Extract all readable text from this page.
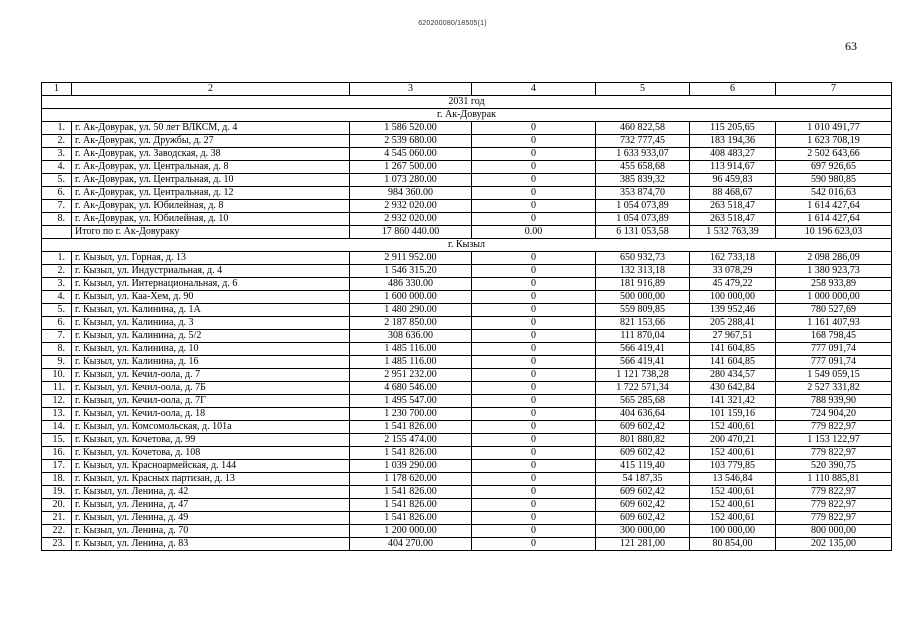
620200080/18505(1)
63
1	2	3	4	5	6	7
2031 год						
г. Ак-Довурак						
1.	г. Ак-Довурак, ул. 50 лет ВЛКСМ, д. 4	1 586 520.00	0	460 822,58	115 205,65	1 010 491,77
2.	г. Ак-Довурак, ул. Дружбы, д. 27	2 539 680.00	0	732 777,45	183 194,36	1 623 708,19
3.	г. Ак-Довурак, ул. Заводская, д. 38	4 545 060.00	0	1 633 933,07	408 483,27	2 502 643,66
4.	г. Ак-Довурак, ул. Центральная, д. 8	1 267 500.00	0	455 658,68	113 914,67	697 926,65
5.	г. Ак-Довурак, ул. Центральная, д. 10	1 073 280.00	0	385 839,32	96 459,83	590 980,85
6.	г. Ак-Довурак, ул. Центральная, д. 12	984 360.00	0	353 874,70	88 468,67	542 016,63
7.	г. Ак-Довурак, ул. Юбилейная, д. 8	2 932 020.00	0	1 054 073,89	263 518,47	1 614 427,64
8.	г. Ак-Довурак, ул. Юбилейная, д. 10	2 932 020.00	0	1 054 073,89	263 518,47	1 614 427,64
	Итого по г. Ак-Довураку	17 860 440.00	0.00	6 131 053,58	1 532 763,39	10 196 623,03
г. Кызыл						
1.	г. Кызыл, ул. Горная, д. 13	2 911 952.00	0	650 932,73	162 733,18	2 098 286,09
2.	г. Кызыл, ул. Индустриальная, д. 4	1 546 315.20	0	132 313,18	33 078,29	1 380 923,73
3.	г. Кызыл, ул. Интернациональная, д. 6	486 330.00	0	181 916,89	45 479,22	258 933,89
4.	г. Кызыл, ул. Каа-Хем, д. 90	1 600 000.00	0	500 000,00	100 000,00	1 000 000,00
5.	г. Кызыл, ул. Калинина, д. 1А	1 480 290.00	0	559 809,85	139 952,46	780 527,69
6.	г. Кызыл, ул. Калинина, д. 3	2 187 850.00	0	821 153,66	205 288,41	1 161 407,93
7.	г. Кызыл, ул. Калинина, д. 5/2	308 636.00	0	111 870,04	27 967,51	168 798,45
8.	г. Кызыл, ул. Калинина, д. 10	1 485 116.00	0	566 419,41	141 604,85	777 091,74
9.	г. Кызыл, ул. Калинина, д. 16	1 485 116.00	0	566 419,41	141 604,85	777 091,74
10.	г. Кызыл, ул. Кечил-оола, д. 7	2 951 232.00	0	1 121 738,28	280 434,57	1 549 059,15
11.	г. Кызыл, ул. Кечил-оола, д. 7Б	4 680 546.00	0	1 722 571,34	430 642,84	2 527 331,82
12.	г. Кызыл, ул. Кечил-оола, д. 7Г	1 495 547.00	0	565 285,68	141 321,42	788 939,90
13.	г. Кызыл, ул. Кечил-оола, д. 18	1 230 700.00	0	404 636,64	101 159,16	724 904,20
14.	г. Кызыл, ул. Комсомольская, д. 101а	1 541 826.00	0	609 602,42	152 400,61	779 822,97
15.	г. Кызыл, ул. Кочетова, д. 99	2 155 474.00	0	801 880,82	200 470,21	1 153 122,97
16.	г. Кызыл, ул. Кочетова, д. 108	1 541 826.00	0	609 602,42	152 400,61	779 822,97
17.	г. Кызыл, ул. Красноармейская, д. 144	1 039 290.00	0	415 119,40	103 779,85	520 390,75
18.	г. Кызыл, ул. Красных партизан, д. 13	1 178 620.00	0	54 187,35	13 546,84	1 110 885,81
19.	г. Кызыл, ул. Ленина, д. 42	1 541 826.00	0	609 602,42	152 400,61	779 822,97
20.	г. Кызыл, ул. Ленина, д. 47	1 541 826.00	0	609 602,42	152 400,61	779 822,97
21.	г. Кызыл, ул. Ленина, д. 49	1 541 826.00	0	609 602,42	152 400,61	779 822,97
22.	г. Кызыл, ул. Ленина, д. 70	1 200 000.00	0	300 000,00	100 000,00	800 000,00
23.	г. Кызыл, ул. Ленина, д. 83	404 270.00	0	121 281,00	80 854,00	202 135,00
